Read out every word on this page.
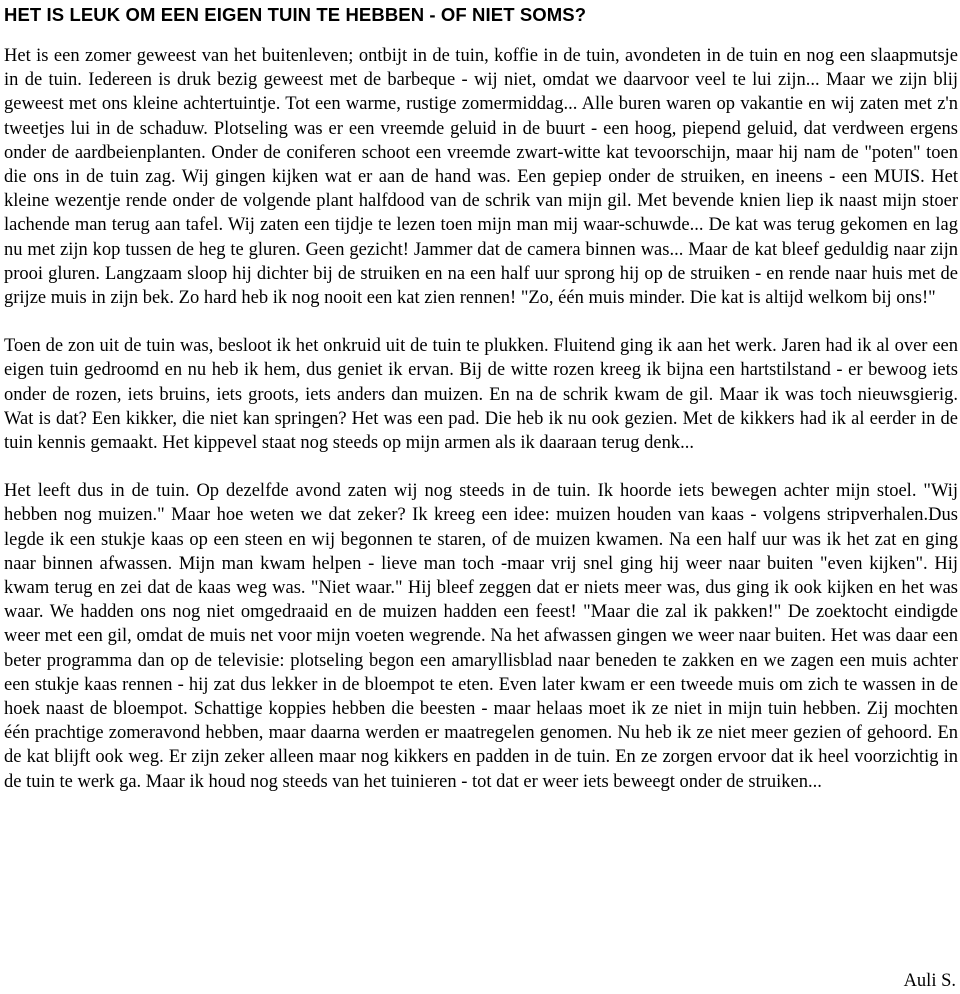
HET IS LEUK OM EEN EIGEN TUIN TE HEBBEN - OF NIET SOMS?

Het is een zomer geweest van het buitenleven; ontbijt in de tuin, koffie in de tuin, avondeten in de tuin en nog een slaapmutsje in de tuin. Iedereen is druk bezig geweest met de barbeque - wij niet, omdat we daarvoor veel te lui zijn... Maar we zijn blij geweest met ons kleine achtertuintje. Tot een warme, rustige zomermiddag... Alle buren waren op vakantie en wij zaten met z'n tweetjes lui in de schaduw. Plotseling was er een vreemde geluid in de buurt - een hoog, piepend geluid, dat verdween ergens onder de aardbeienplanten. Onder de coniferen schoot een vreemde zwart-witte kat tevoorschijn, maar hij nam de "poten" toen die ons in de tuin zag. Wij gingen kijken wat er aan de hand was. Een gepiep onder de struiken, en ineens - een MUIS. Het kleine wezentje rende onder de volgende plant halfdood van de schrik van mijn gil. Met bevende knien liep ik naast mijn stoer lachende man terug aan tafel. Wij zaten een tijdje te lezen toen mijn man mij waar-schuwde... De kat was terug gekomen en lag nu met zijn kop tussen de heg te gluren. Geen gezicht! Jammer dat de camera binnen was... Maar de kat bleef geduldig naar zijn prooi gluren. Langzaam sloop hij dichter bij de struiken en na een half uur sprong hij op de struiken - en rende naar huis met de grijze muis in zijn bek. Zo hard heb ik nog nooit een kat zien rennen! "Zo, één muis minder. Die kat is altijd welkom bij ons!"

Toen de zon uit de tuin was, besloot ik het onkruid uit de tuin te plukken. Fluitend ging ik aan het werk. Jaren had ik al over een eigen tuin gedroomd en nu heb ik hem, dus geniet ik ervan. Bij de witte rozen kreeg ik bijna een hartstilstand - er bewoog iets onder de rozen, iets bruins, iets groots, iets anders dan muizen. En na de schrik kwam de gil. Maar ik was toch nieuwsgierig. Wat is dat? Een kikker, die niet kan springen? Het was een pad. Die heb ik nu ook gezien. Met de kikkers had ik al eerder in de tuin kennis gemaakt. Het kippevel staat nog steeds op mijn armen als ik daaraan terug denk...

Het leeft dus in de tuin. Op dezelfde avond zaten wij nog steeds in de tuin. Ik hoorde iets bewegen achter mijn stoel. "Wij hebben nog muizen." Maar hoe weten we dat zeker? Ik kreeg een idee: muizen houden van kaas - volgens stripverhalen.Dus legde ik een stukje kaas op een steen en wij begonnen te staren, of de muizen kwamen. Na een half uur was ik het zat en ging naar binnen afwassen. Mijn man kwam helpen - lieve man toch -maar vrij snel ging hij weer naar buiten "even kijken". Hij kwam terug en zei dat de kaas weg was. "Niet waar." Hij bleef zeggen dat er niets meer was, dus ging ik ook kijken en het was waar. We hadden ons nog niet omgedraaid en de muizen hadden een feest! "Maar die zal ik pakken!" De zoektocht eindigde weer met een gil, omdat de muis net voor mijn voeten wegrende. Na het afwassen gingen we weer naar buiten. Het was daar een beter programma dan op de televisie: plotseling begon een amaryllisblad naar beneden te zakken en we zagen een muis achter een stukje kaas rennen - hij zat dus lekker in de bloempot te eten. Even later kwam er een tweede muis om zich te wassen in de hoek naast de bloempot. Schattige koppies hebben die beesten - maar helaas moet ik ze niet in mijn tuin hebben. Zij mochten één prachtige zomeravond hebben, maar daarna werden er maatregelen genomen. Nu heb ik ze niet meer gezien of gehoord. En de kat blijft ook weg. Er zijn zeker alleen maar nog kikkers en padden in de tuin. En ze zorgen ervoor dat ik heel voorzichtig in de tuin te werk ga. Maar ik houd nog steeds van het tuinieren - tot dat er weer iets beweegt onder de struiken...

Auli S.
